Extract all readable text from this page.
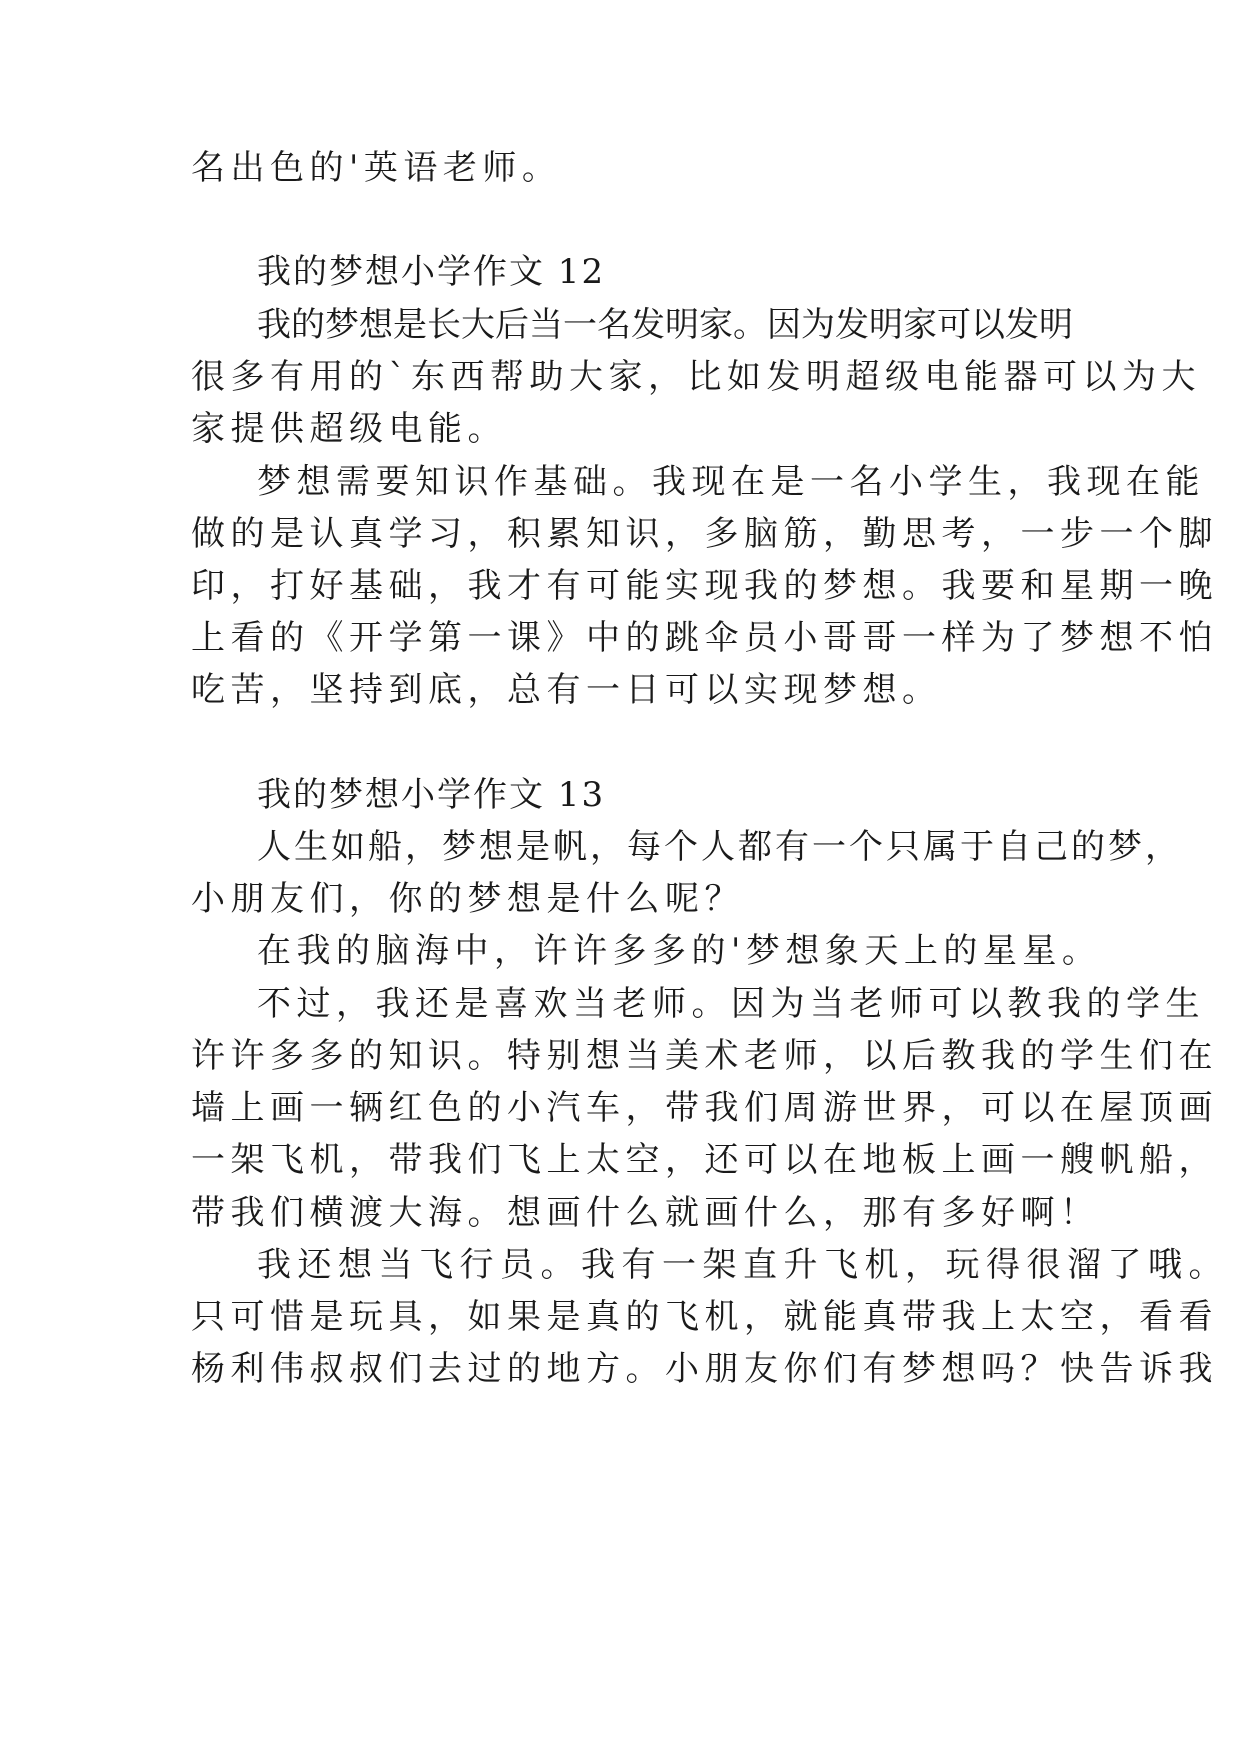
名出色的'英语老师。
我的梦想小学作文 12
我的梦想是长大后当一名发明家。因为发明家可以发明
很多有用的`东西帮助大家，比如发明超级电能器可以为大
家提供超级电能。
梦想需要知识作基础。我现在是一名小学生，我现在能
做的是认真学习，积累知识，多脑筋，勤思考，一步一个脚
印，打好基础，我才有可能实现我的梦想。我要和星期一晚
上看的《开学第一课》中的跳伞员小哥哥一样为了梦想不怕
吃苦，坚持到底，总有一日可以实现梦想。
我的梦想小学作文 13
人生如船，梦想是帆，每个人都有一个只属于自己的梦，
小朋友们，你的梦想是什么呢？
在我的脑海中，许许多多的'梦想象天上的星星。
不过，我还是喜欢当老师。因为当老师可以教我的学生
许许多多的知识。特别想当美术老师，以后教我的学生们在
墙上画一辆红色的小汽车，带我们周游世界，可以在屋顶画
一架飞机，带我们飞上太空，还可以在地板上画一艘帆船，
带我们横渡大海。想画什么就画什么，那有多好啊！
我还想当飞行员。我有一架直升飞机，玩得很溜了哦。
只可惜是玩具，如果是真的飞机，就能真带我上太空，看看
杨利伟叔叔们去过的地方。小朋友你们有梦想吗？快告诉我
